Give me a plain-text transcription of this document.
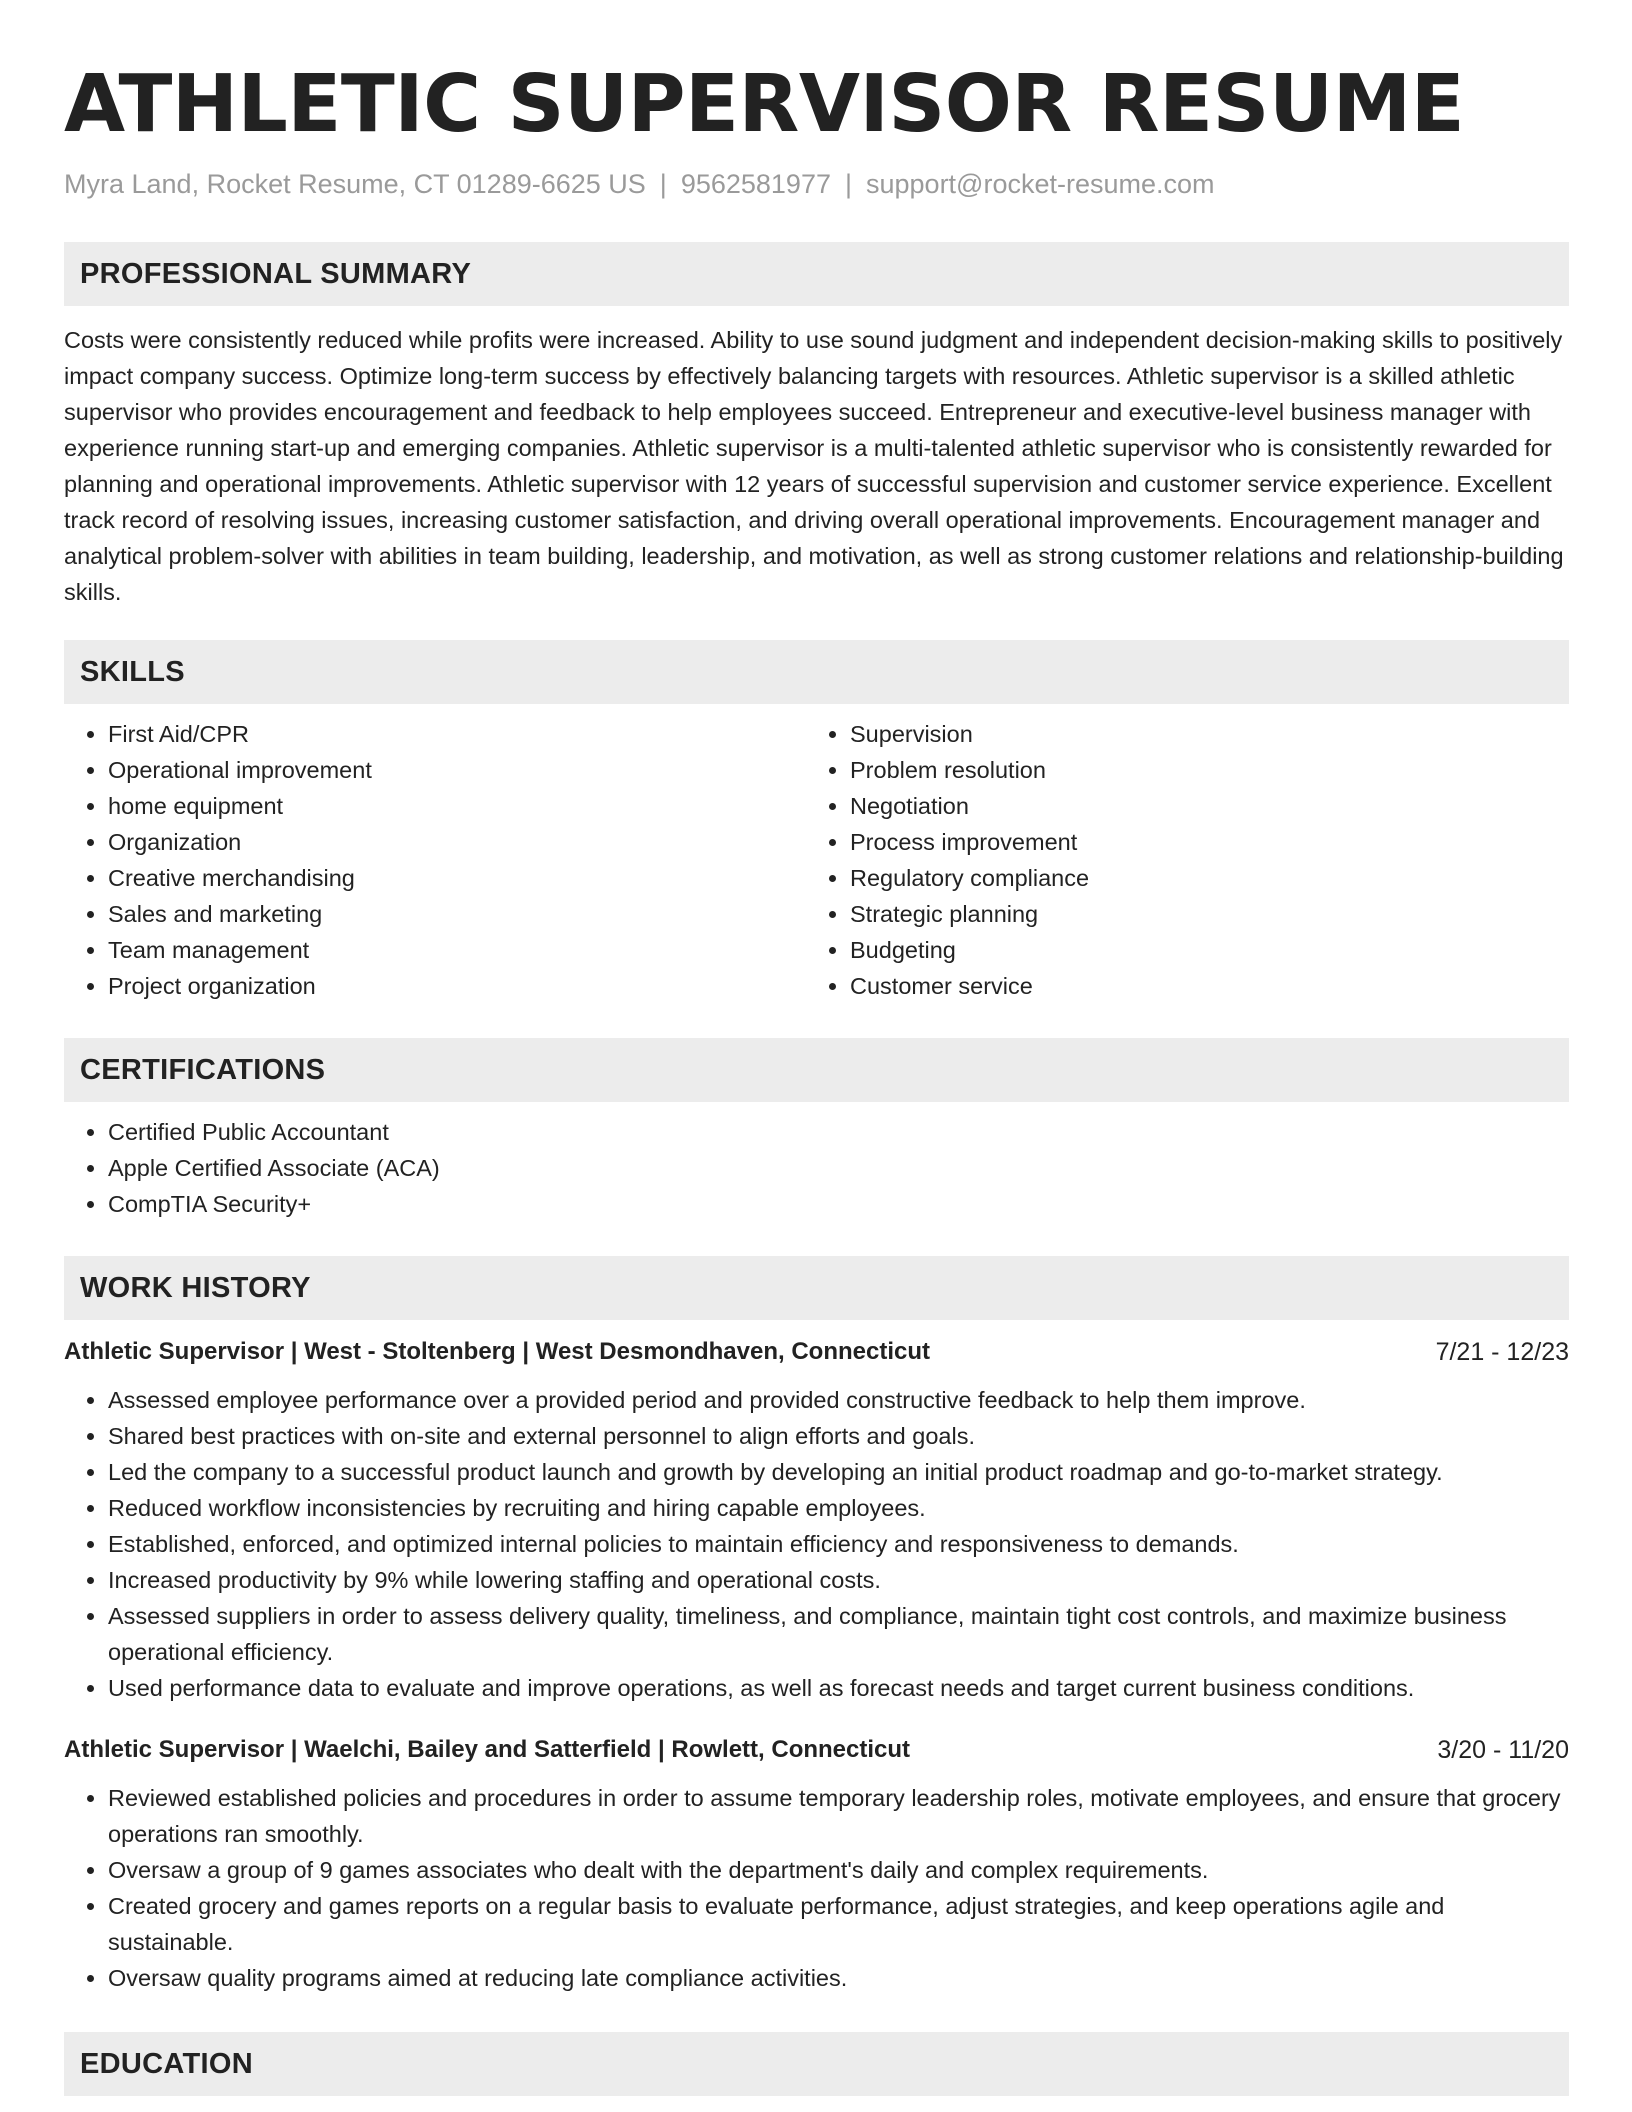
ATHLETIC SUPERVISOR RESUME
Myra Land, Rocket Resume, CT 01289-6625 US | 9562581977 | support@rocket-resume.com
PROFESSIONAL SUMMARY

Costs were consistently reduced while profits were increased. Ability to use sound judgment and independent decision-making skills to positively impact company success. Optimize long-term success by effectively balancing targets with resources. Athletic supervisor is a skilled athletic supervisor who provides encouragement and feedback to help employees succeed. Entrepreneur and executive-level business manager with experience running start-up and emerging companies. Athletic supervisor is a multi-talented athletic supervisor who is consistently rewarded for planning and operational improvements. Athletic supervisor with 12 years of successful supervision and customer service experience. Excellent track record of resolving issues, increasing customer satisfaction, and driving overall operational improvements. Encouragement manager and analytical problem-solver with abilities in team building, leadership, and motivation, as well as strong customer relations and relationship-building skills.

SKILLS
• First Aid/CPR
• Operational improvement
• home equipment
• Organization
• Creative merchandising
• Sales and marketing
• Team management
• Project organization
• Supervision
• Problem resolution
• Negotiation
• Process improvement
• Regulatory compliance
• Strategic planning
• Budgeting
• Customer service
CERTIFICATIONS
• Certified Public Accountant
• Apple Certified Associate (ACA)
• CompTIA Security+
WORK HISTORY
Athletic Supervisor | West - Stoltenberg | West Desmondhaven, Connecticut	7/21 - 12/23
• Assessed employee performance over a provided period and provided constructive feedback to help them improve.
• Shared best practices with on-site and external personnel to align efforts and goals.
• Led the company to a successful product launch and growth by developing an initial product roadmap and go-to-market strategy.
• Reduced workflow inconsistencies by recruiting and hiring capable employees.
• Established, enforced, and optimized internal policies to maintain efficiency and responsiveness to demands.
• Increased productivity by 9% while lowering staffing and operational costs.
• Assessed suppliers in order to assess delivery quality, timeliness, and compliance, maintain tight cost controls, and maximize business operational efficiency.
• Used performance data to evaluate and improve operations, as well as forecast needs and target current business conditions.
Athletic Supervisor | Waelchi, Bailey and Satterfield | Rowlett, Connecticut	3/20 - 11/20
• Reviewed established policies and procedures in order to assume temporary leadership roles, motivate employees, and ensure that grocery operations ran smoothly.
• Oversaw a group of 9 games associates who dealt with the department's daily and complex requirements.
• Created grocery and games reports on a regular basis to evaluate performance, adjust strategies, and keep operations agile and sustainable.
• Oversaw quality programs aimed at reducing late compliance activities.
EDUCATION
